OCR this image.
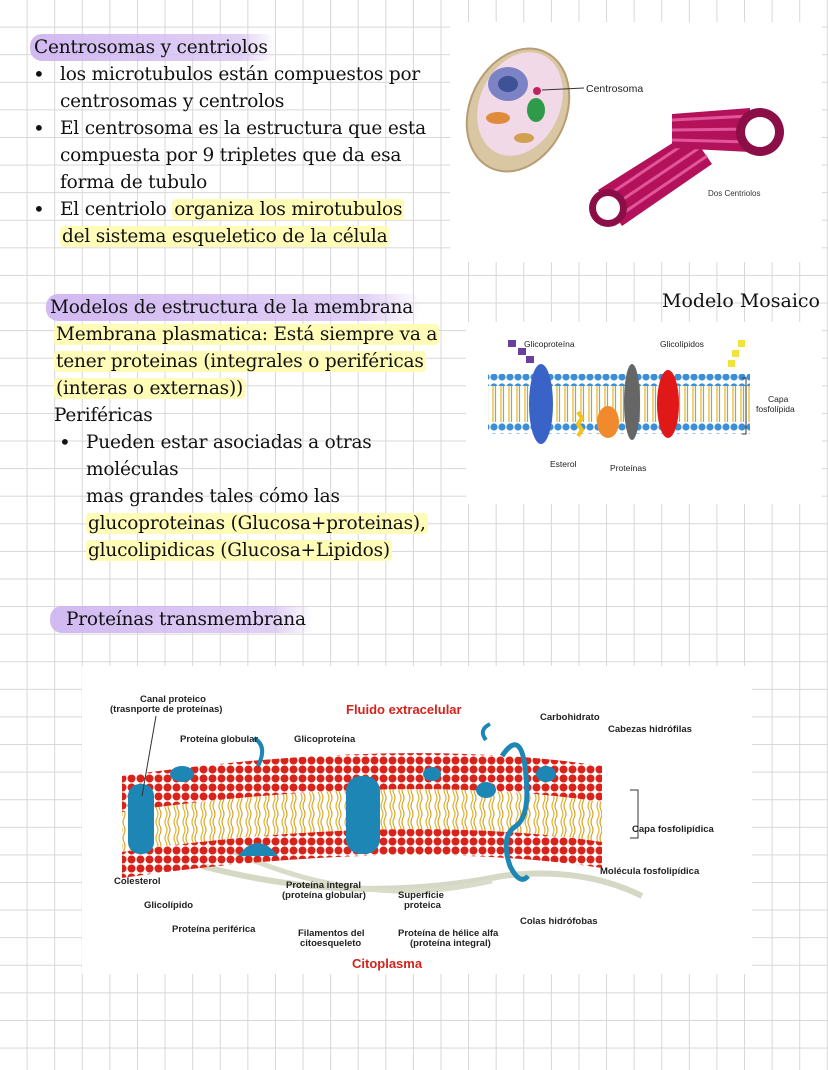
Centrosomas y centriolos
• los microtubulos están compuestos por
centrosomas y centrolos
• El centrosoma es la estructura que esta
compuesta por 9 tripletes que da esa
forma de tubulo
• El centriolo organiza los mirotubulos
del sistema esqueletico de la célula
Centrosoma
Dos Centriolos
Modelos de estructura de la membrana
Membrana plasmatica: Está siempre va a
tener proteinas (integrales o periféricas
(interas o externas))
Periféricas
• Pueden estar asociadas a otras moléculas
mas grandes tales cómo las
glucoproteinas (Glucosa+proteinas),
glucolipidicas (Glucosa+Lipidos)
Modelo Mosaico
Glicoproteína
Esterol	Proteínas
Glicolípidos
Capa
fosfolípida
Proteínas transmembrana
Fluido extracelular
Citoplasma
Canal proteico
(trasnporte de proteínas)
Proteína globular	Glicoproteína
Carbohidrato
Cabezas hidrófilas
Capa fosfolipídica
Molécula fosfolipídica
Colas hidrófobas
Colesterol
Glicolípido
Proteína periférica
Proteína integral
(proteína globular)
Filamentos del
citoesqueleto
Superficie
proteica
Proteína de hélice alfa
(proteína integral)
